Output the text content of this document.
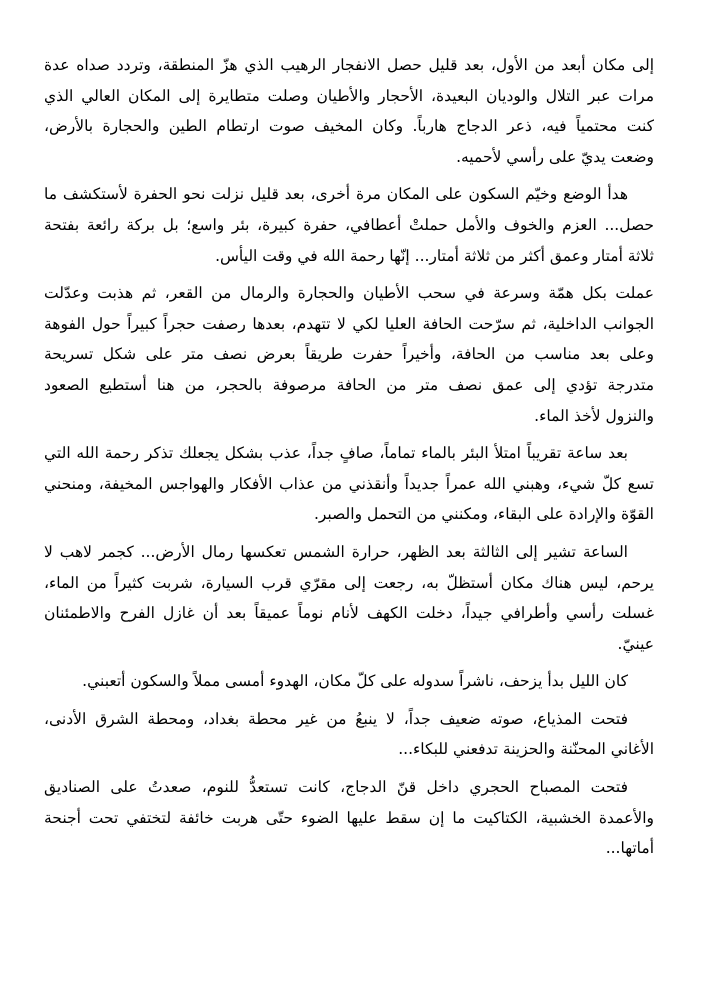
إلى مكان أبعد من الأول، بعد قليل حصل الانفجار الرهيب الذي هزّ المنطقة، وتردد صداه عدة
مرات عبر التلال والوديان البعيدة، الأحجار والأطيان وصلت متطايرة إلى المكان العالي الذي
كنت محتمياً فيه، ذعر الدجاج هارباً. وكان المخيف صوت ارتطام الطين والحجارة بالأرض،
وضعت يديّ على رأسي لأحميه.
هدأ الوضع وخيّم السكون على المكان مرة أخرى، بعد قليل نزلت نحو الحفرة لأستكشف ما
حصل... العزم والخوف والأمل حملتْ أعطافي، حفرة كبيرة، بئر واسع؛ بل بركة رائعة بفتحة
ثلاثة أمتار وعمق أكثر من ثلاثة أمتار... إنّها رحمة الله في وقت اليأس.
عملت بكل همّة وسرعة في سحب الأطيان والحجارة والرمال من القعر، ثم هذبت وعدّلت
الجوانب الداخلية، ثم سرّحت الحافة العليا لكي لا تتهدم، بعدها رصفت حجراً كبيراً حول الفوهة
وعلى بعد مناسب من الحافة، وأخيراً حفرت طريقاً بعرض نصف متر على شكل تسريحة
متدرجة تؤدي إلى عمق نصف متر من الحافة مرصوفة بالحجر، من هنا أستطيع الصعود
والنزول لأخذ الماء.
بعد ساعة تقريباً امتلأ البئر بالماء تماماً، صافٍ جداً، عذب بشكل يجعلك تذكر رحمة الله التي
تسع كلّ شيء، وهبني الله عمراً جديداً وأنقذني من عذاب الأفكار والهواجس المخيفة، ومنحني
القوّة والإرادة على البقاء، ومكنني من التحمل والصبر.
الساعة تشير إلى الثالثة بعد الظهر، حرارة الشمس تعكسها رمال الأرض... كجمر لاهب لا
يرحم، ليس هناك مكان أستظلّ به، رجعت إلى مقرّي قرب السيارة، شربت كثيراً من الماء،
غسلت رأسي وأطرافي جيداً، دخلت الكهف لأنام نوماً عميقاً بعد أن غازل الفرح والاطمئنان
عينيّ.
كان الليل بدأ يزحف، ناشراً سدوله على كلّ مكان، الهدوء أمسى مملاً والسكون أتعبني.
فتحت المذياع، صوته ضعيف جداً، لا ينبعُ من غير محطة بغداد، ومحطة الشرق الأدنى،
الأغاني المحنّنة والحزينة تدفعني للبكاء...
فتحت المصباح الحجري داخل قنّ الدجاج، كانت تستعدُّ للنوم، صعدتُ على الصناديق
والأعمدة الخشبية، الكتاكيت ما إن سقط عليها الضوء حتّى هربت خائفة لتختفي تحت أجنحة
أماتها...
